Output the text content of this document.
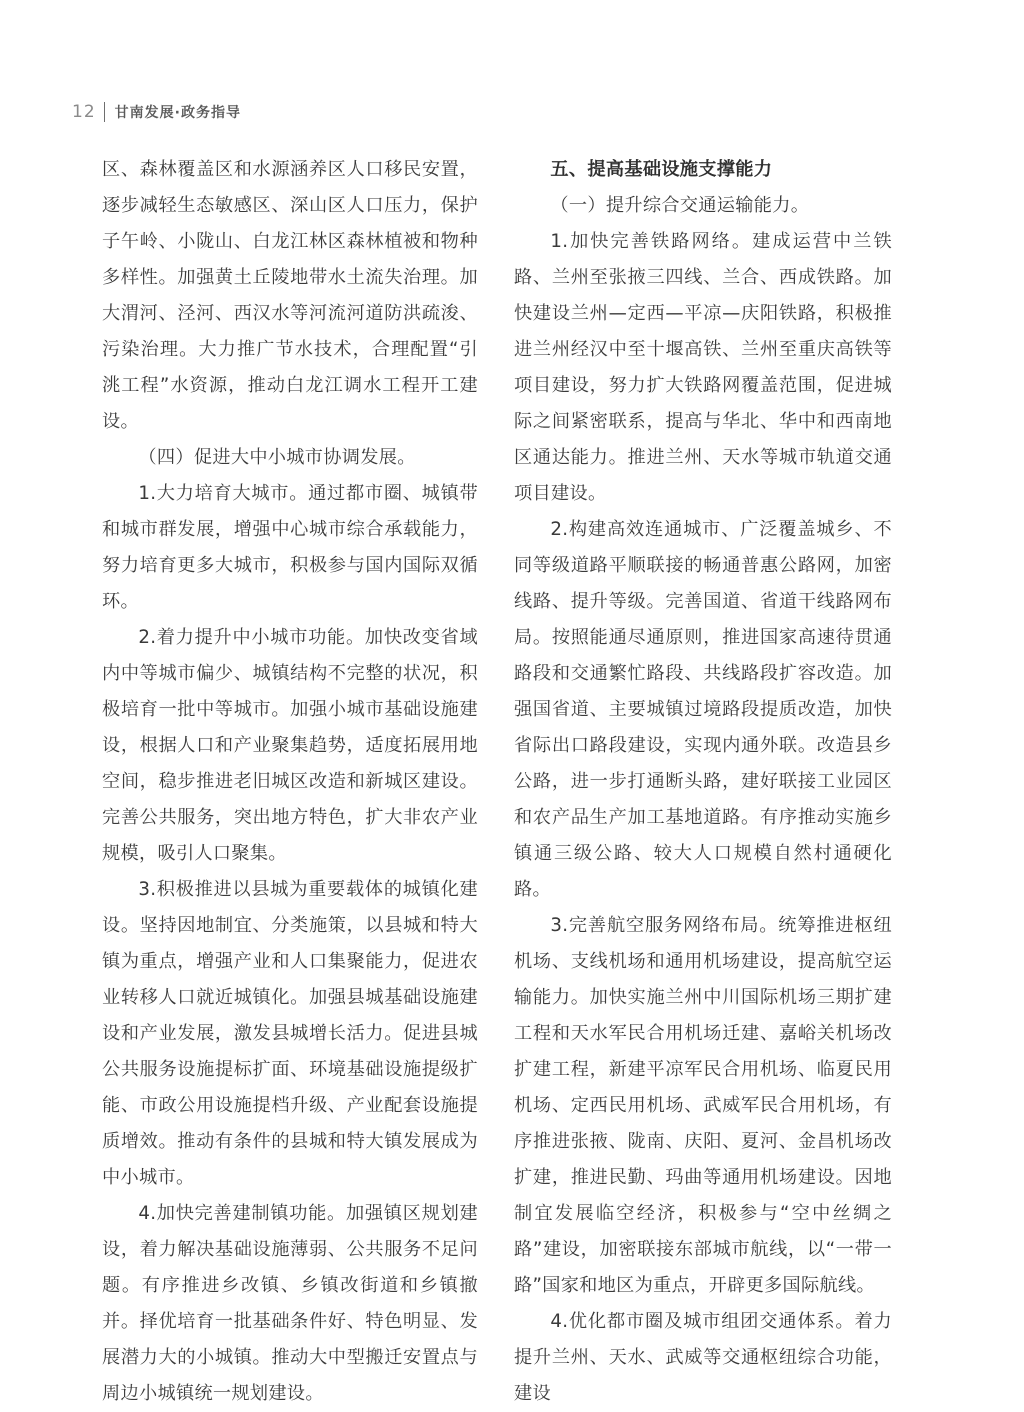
12 甘南发展·政务指导

区、森林覆盖区和水源涵养区人口移民安置，逐步减轻生态敏感区、深山区人口压力，保护子午岭、小陇山、白龙江林区森林植被和物种多样性。加强黄土丘陵地带水土流失治理。加大渭河、泾河、西汉水等河流河道防洪疏浚、污染治理。大力推广节水技术，合理配置“引洮工程”水资源，推动白龙江调水工程开工建设。

（四）促进大中小城市协调发展。

1.大力培育大城市。通过都市圈、城镇带和城市群发展，增强中心城市综合承载能力，努力培育更多大城市，积极参与国内国际双循环。

2.着力提升中小城市功能。加快改变省域内中等城市偏少、城镇结构不完整的状况，积极培育一批中等城市。加强小城市基础设施建设，根据人口和产业聚集趋势，适度拓展用地空间，稳步推进老旧城区改造和新城区建设。完善公共服务，突出地方特色，扩大非农产业规模，吸引人口聚集。

3.积极推进以县城为重要载体的城镇化建设。坚持因地制宜、分类施策，以县城和特大镇为重点，增强产业和人口集聚能力，促进农业转移人口就近城镇化。加强县城基础设施建设和产业发展，激发县城增长活力。促进县城公共服务设施提标扩面、环境基础设施提级扩能、市政公用设施提档升级、产业配套设施提质增效。推动有条件的县城和特大镇发展成为中小城市。

4.加快完善建制镇功能。加强镇区规划建设，着力解决基础设施薄弱、公共服务不足问题。有序推进乡改镇、乡镇改街道和乡镇撤并。择优培育一批基础条件好、特色明显、发展潜力大的小城镇。推动大中型搬迁安置点与周边小城镇统一规划建设。

五、提高基础设施支撑能力

（一）提升综合交通运输能力。

1.加快完善铁路网络。建成运营中兰铁路、兰州至张掖三四线、兰合、西成铁路。加快建设兰州—定西—平凉—庆阳铁路，积极推进兰州经汉中至十堰高铁、兰州至重庆高铁等项目建设，努力扩大铁路网覆盖范围，促进城际之间紧密联系，提高与华北、华中和西南地区通达能力。推进兰州、天水等城市轨道交通项目建设。

2.构建高效连通城市、广泛覆盖城乡、不同等级道路平顺联接的畅通普惠公路网，加密线路、提升等级。完善国道、省道干线路网布局。按照能通尽通原则，推进国家高速待贯通路段和交通繁忙路段、共线路段扩容改造。加强国省道、主要城镇过境路段提质改造，加快省际出口路段建设，实现内通外联。改造县乡公路，进一步打通断头路，建好联接工业园区和农产品生产加工基地道路。有序推动实施乡镇通三级公路、较大人口规模自然村通硬化路。

3.完善航空服务网络布局。统筹推进枢纽机场、支线机场和通用机场建设，提高航空运输能力。加快实施兰州中川国际机场三期扩建工程和天水军民合用机场迁建、嘉峪关机场改扩建工程，新建平凉军民合用机场、临夏民用机场、定西民用机场、武威军民合用机场，有序推进张掖、陇南、庆阳、夏河、金昌机场改扩建，推进民勤、玛曲等通用机场建设。因地制宜发展临空经济，积极参与“空中丝绸之路”建设，加密联接东部城市航线，以“一带一路”国家和地区为重点，开辟更多国际航线。

4.优化都市圈及城市组团交通体系。着力提升兰州、天水、武威等交通枢纽综合功能，建设
